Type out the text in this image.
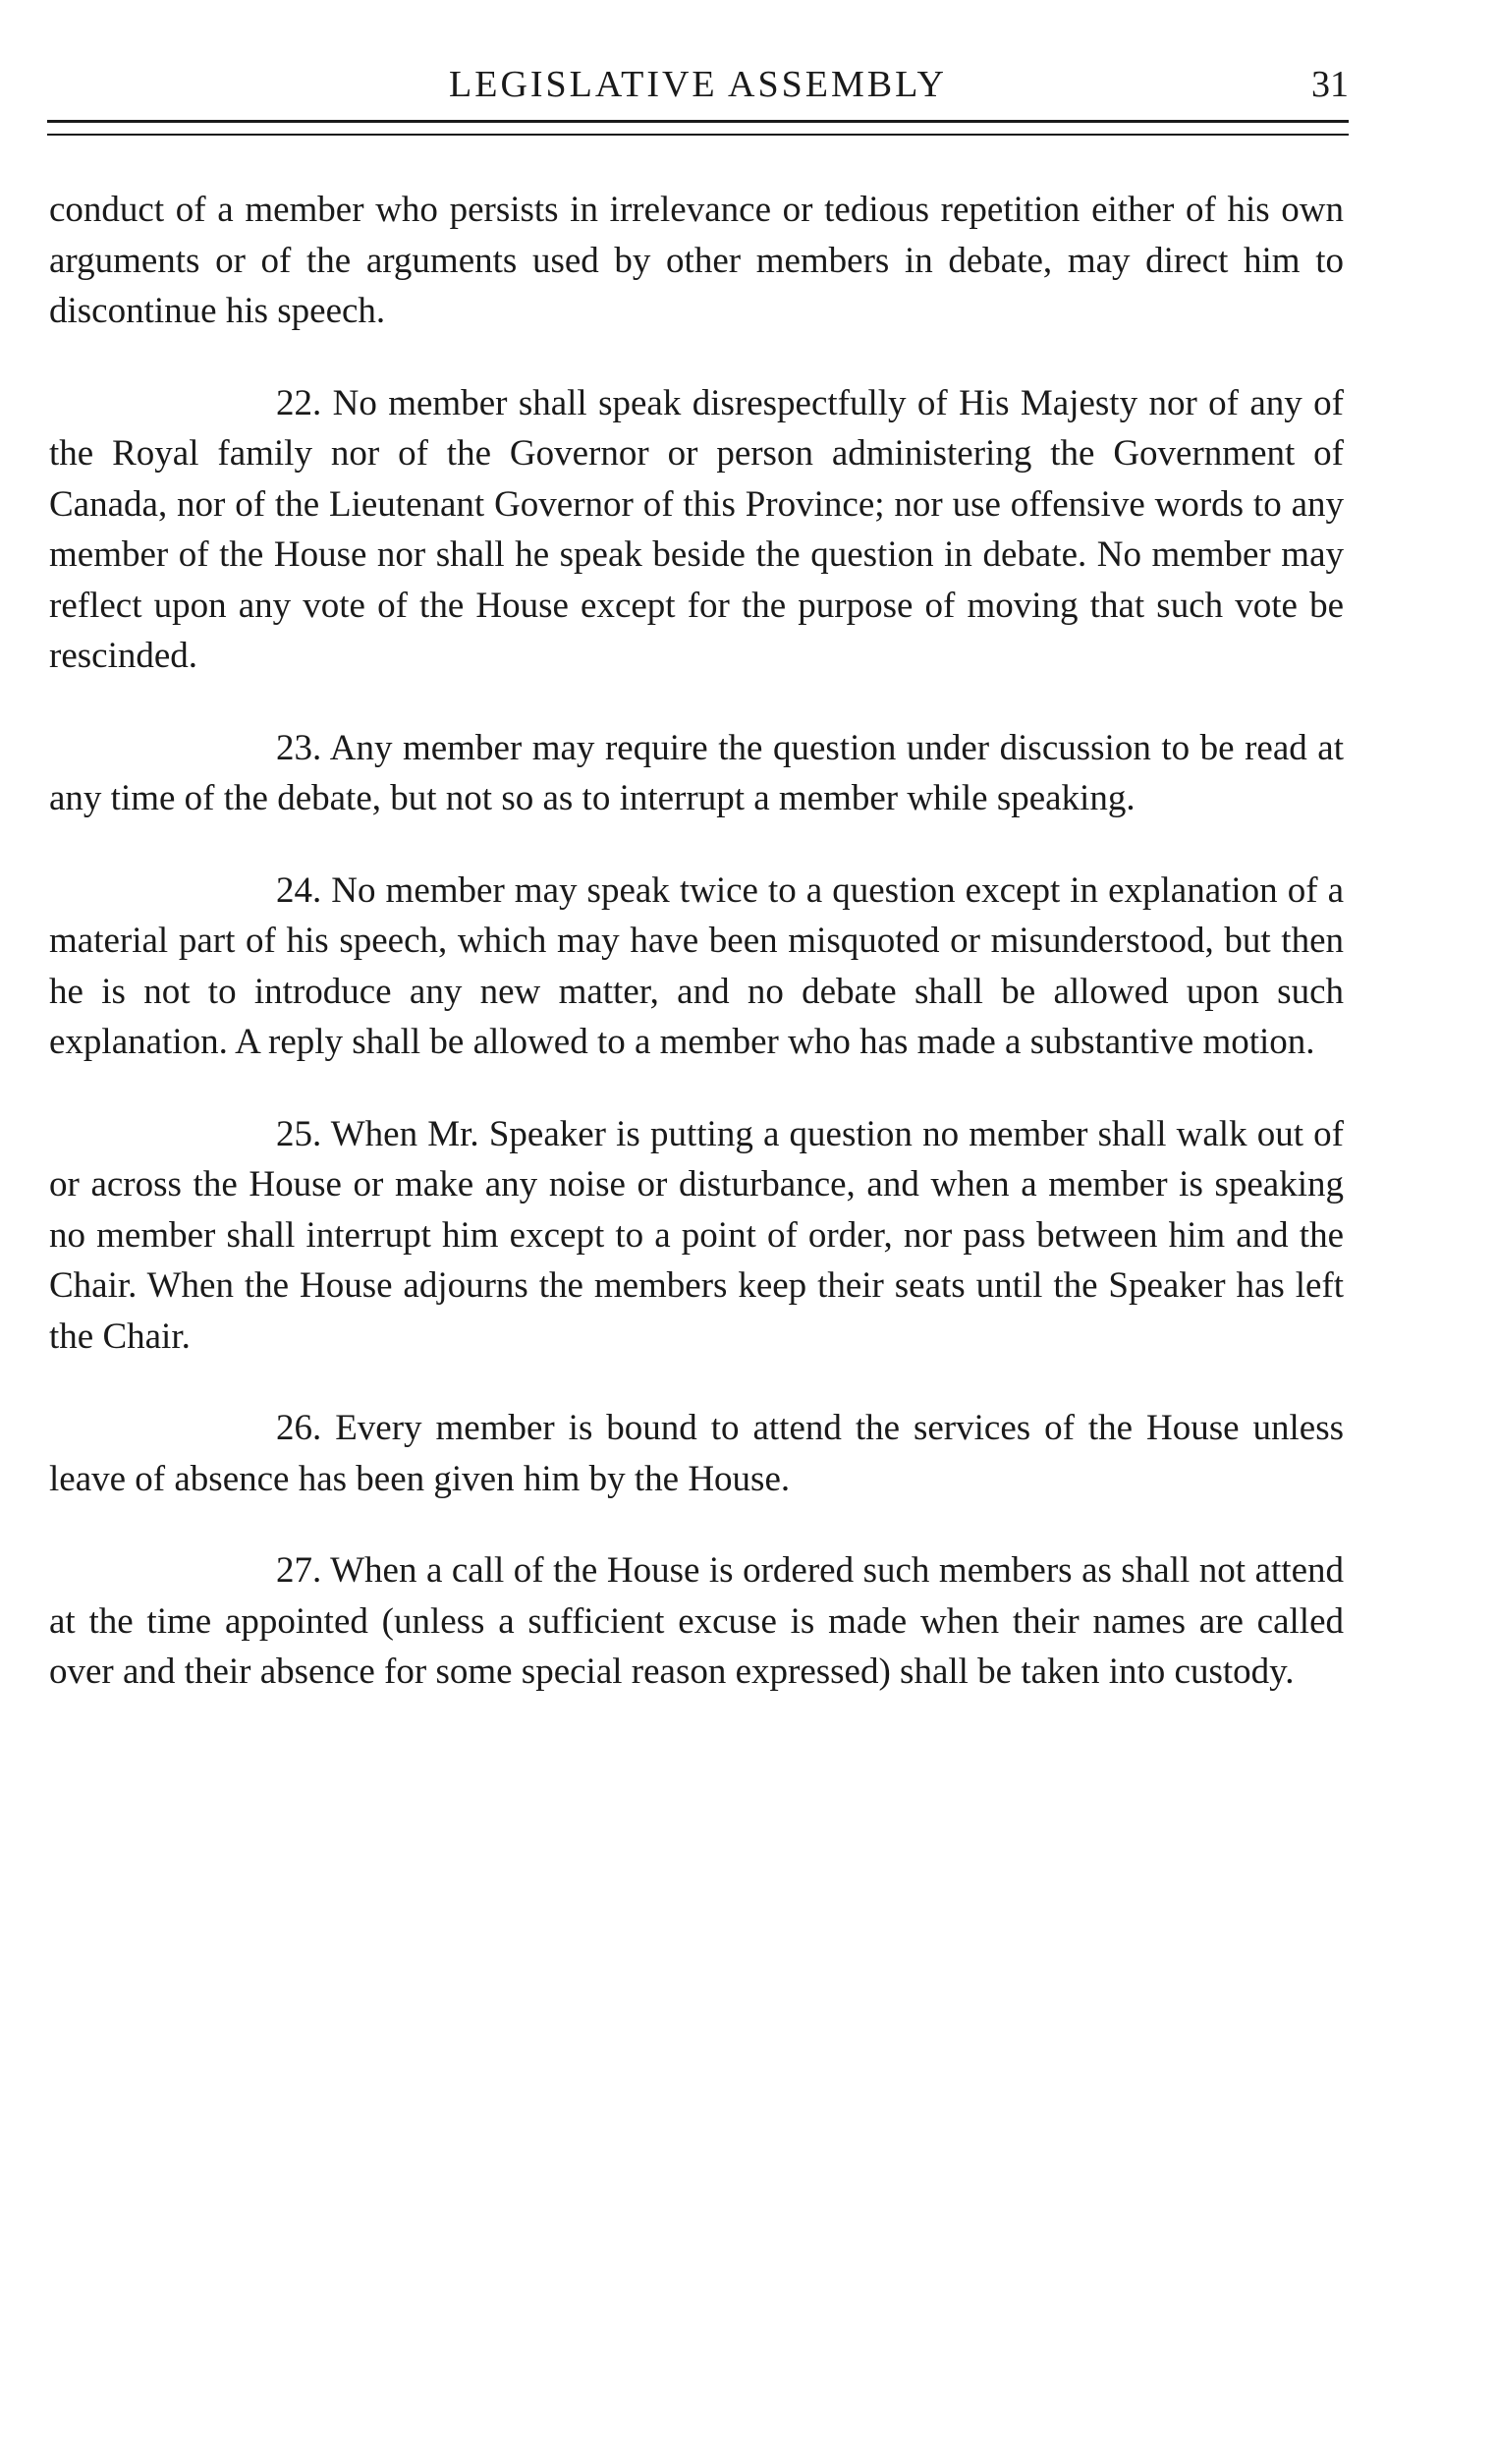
LEGISLATIVE ASSEMBLY	31

conduct of a member who persists in irrelevance or tedious repetition either of his own arguments or of the arguments used by other members in debate, may direct him to discontinue his speech.

22. No member shall speak disrespectfully of His Majesty nor of any of the Royal family nor of the Governor or person administering the Government of Canada, nor of the Lieutenant Governor of this Province; nor use offensive words to any member of the House nor shall he speak beside the question in debate. No member may reflect upon any vote of the House except for the purpose of moving that such vote be rescinded.

23. Any member may require the question under discussion to be read at any time of the debate, but not so as to interrupt a member while speaking.

24. No member may speak twice to a question except in explanation of a material part of his speech, which may have been misquoted or misunderstood, but then he is not to introduce any new matter, and no debate shall be allowed upon such explanation. A reply shall be allowed to a member who has made a substantive motion.

25. When Mr. Speaker is putting a question no member shall walk out of or across the House or make any noise or disturbance, and when a member is speaking no member shall interrupt him except to a point of order, nor pass between him and the Chair. When the House adjourns the members keep their seats until the Speaker has left the Chair.

26. Every member is bound to attend the services of the House unless leave of absence has been given him by the House.

27. When a call of the House is ordered such members as shall not attend at the time appointed (unless a sufficient excuse is made when their names are called over and their absence for some special reason expressed) shall be taken into custody.
